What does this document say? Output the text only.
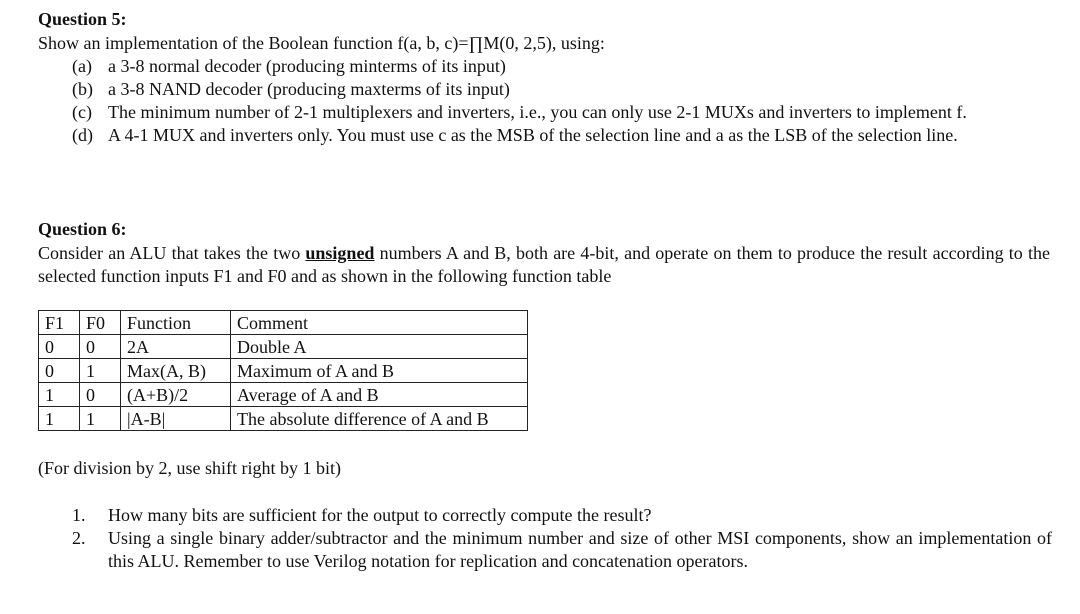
Question 5:
Show an implementation of the Boolean function f(a, b, c)=∏M(0, 2,5), using:
(a) a 3-8 normal decoder (producing minterms of its input)
(b) a 3-8 NAND decoder (producing maxterms of its input)
(c) The minimum number of 2-1 multiplexers and inverters, i.e., you can only use 2-1 MUXs and inverters to implement f.
(d) A 4-1 MUX and inverters only. You must use c as the MSB of the selection line and a as the LSB of the selection line.
Question 6:
Consider an ALU that takes the two unsigned numbers A and B, both are 4-bit, and operate on them to produce the result according to the selected function inputs F1 and F0 and as shown in the following function table
F1	F0	Function	Comment
0	0	2A	Double A
0	1	Max(A, B)	Maximum of A and B
1	0	(A+B)/2	Average of A and B
1	1	|A-B|	The absolute difference of A and B
(For division by 2, use shift right by 1 bit)
1. How many bits are sufficient for the output to correctly compute the result?
2. Using a single binary adder/subtractor and the minimum number and size of other MSI components, show an implementation of this ALU. Remember to use Verilog notation for replication and concatenation operators.
